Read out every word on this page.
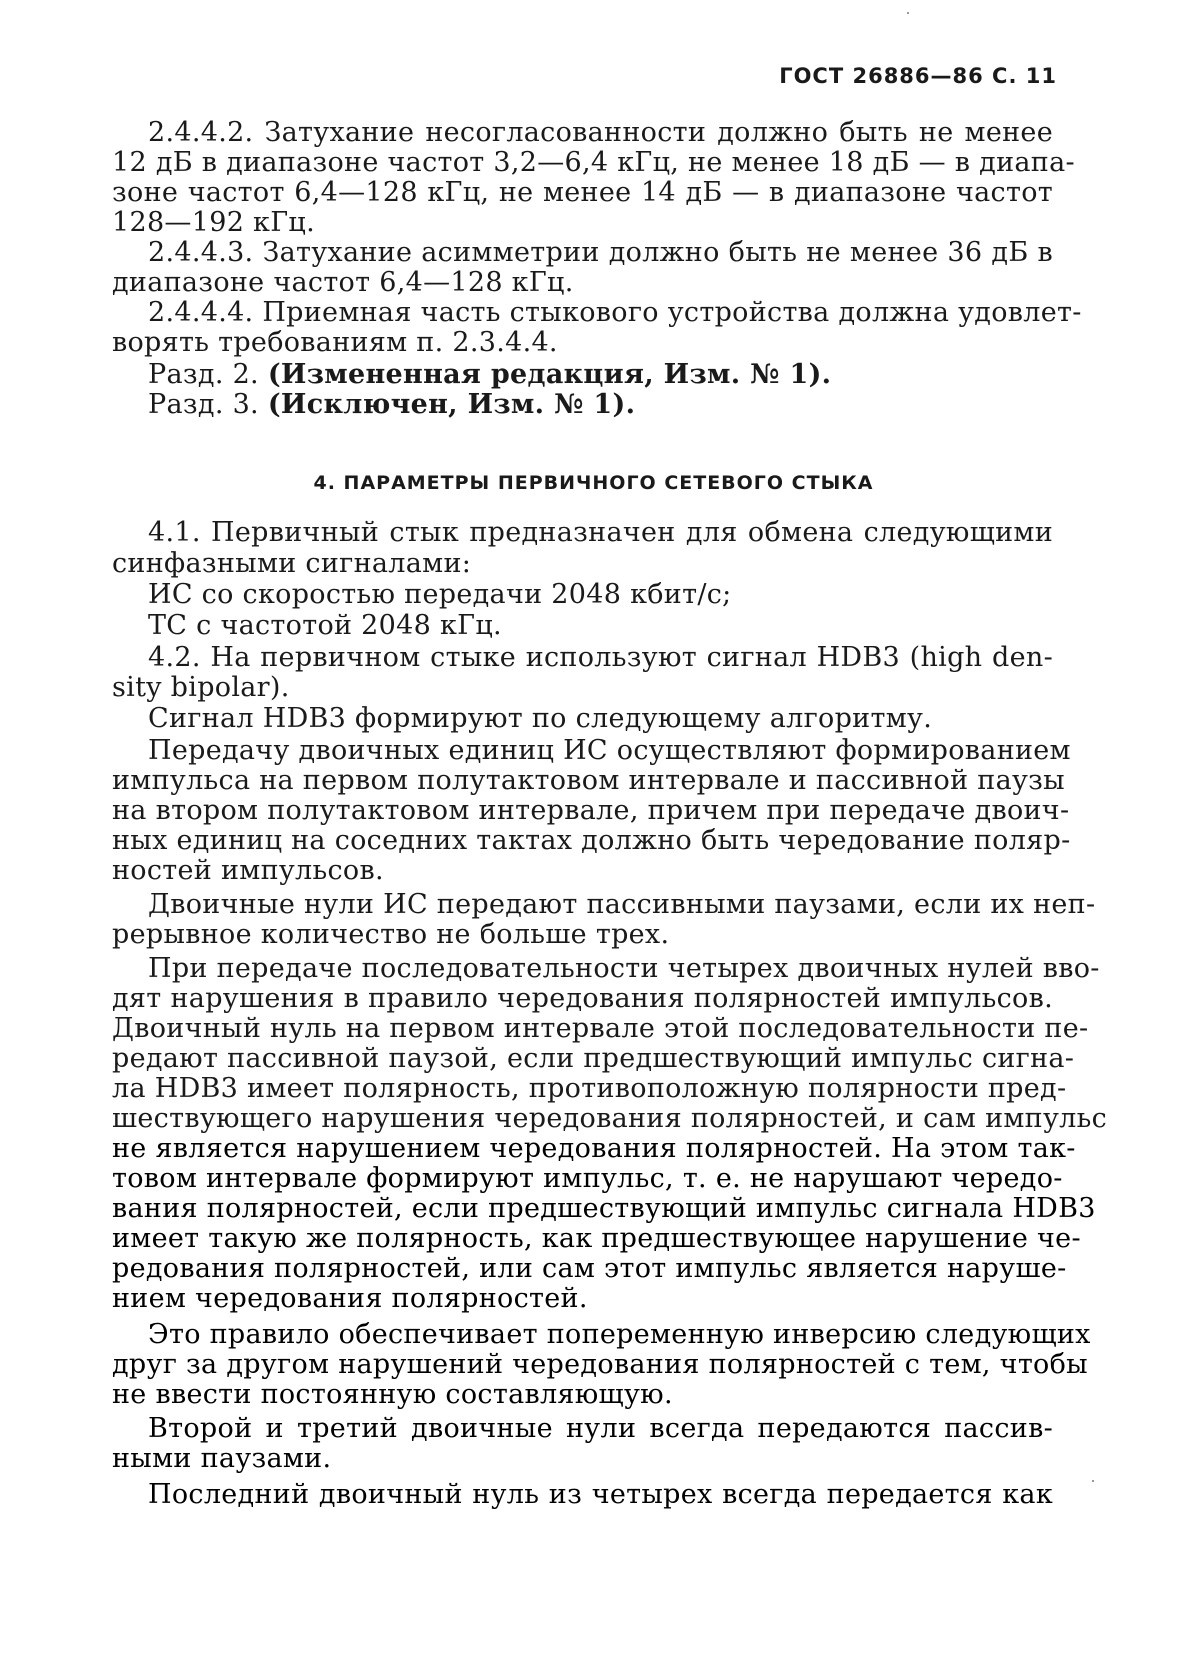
ГОСТ 26886—86 С. 11
2.4.4.2. Затухание несогласованности должно быть не менее
12 дБ в диапазоне частот 3,2—6,4 кГц, не менее 18 дБ — в диапа-
зоне частот 6,4—128 кГц, не менее 14 дБ — в диапазоне частот
128—192 кГц.
2.4.4.3. Затухание асимметрии должно быть не менее 36 дБ в
диапазоне частот 6,4—128 кГц.
2.4.4.4. Приемная часть стыкового устройства должна удовлет-
ворять требованиям п. 2.3.4.4.
Разд. 2. (Измененная редакция, Изм. № 1).
Разд. 3. (Исключен, Изм. № 1).
4.1. Первичный стык предназначен для обмена следующими
синфазными сигналами:
ИС со скоростью передачи 2048 кбит/с;
ТС с частотой 2048 кГц.
4.2. На первичном стыке используют сигнал HDB3 (high den-
sity bipolar).
Сигнал HDB3 формируют по следующему алгоритму.
Передачу двоичных единиц ИС осуществляют формированием
импульса на первом полутактовом интервале и пассивной паузы
на втором полутактовом интервале, причем при передаче двоич-
ных единиц на соседних тактах должно быть чередование поляр-
ностей импульсов.
Двоичные нули ИС передают пассивными паузами, если их неп-
рерывное количество не больше трех.
При передаче последовательности четырех двоичных нулей вво-
дят нарушения в правило чередования полярностей импульсов.
Двоичный нуль на первом интервале этой последовательности пе-
редают пассивной паузой, если предшествующий импульс сигна-
ла HDB3 имеет полярность, противоположную полярности пред-
шествующего нарушения чередования полярностей, и сам импульс
не является нарушением чередования полярностей. На этом так-
товом интервале формируют импульс, т. е. не нарушают чередо-
вания полярностей, если предшествующий импульс сигнала HDB3
имеет такую же полярность, как предшествующее нарушение че-
редования полярностей, или сам этот импульс является наруше-
нием чередования полярностей.
Это правило обеспечивает попеременную инверсию следующих
друг за другом нарушений чередования полярностей с тем, чтобы
не ввести постоянную составляющую.
Второй и третий двоичные нули всегда передаются пассив-
ными паузами.
Последний двоичный нуль из четырех всегда передается как
4. ПАРАМЕТРЫ ПЕРВИЧНОГО СЕТЕВОГО СТЫКА
